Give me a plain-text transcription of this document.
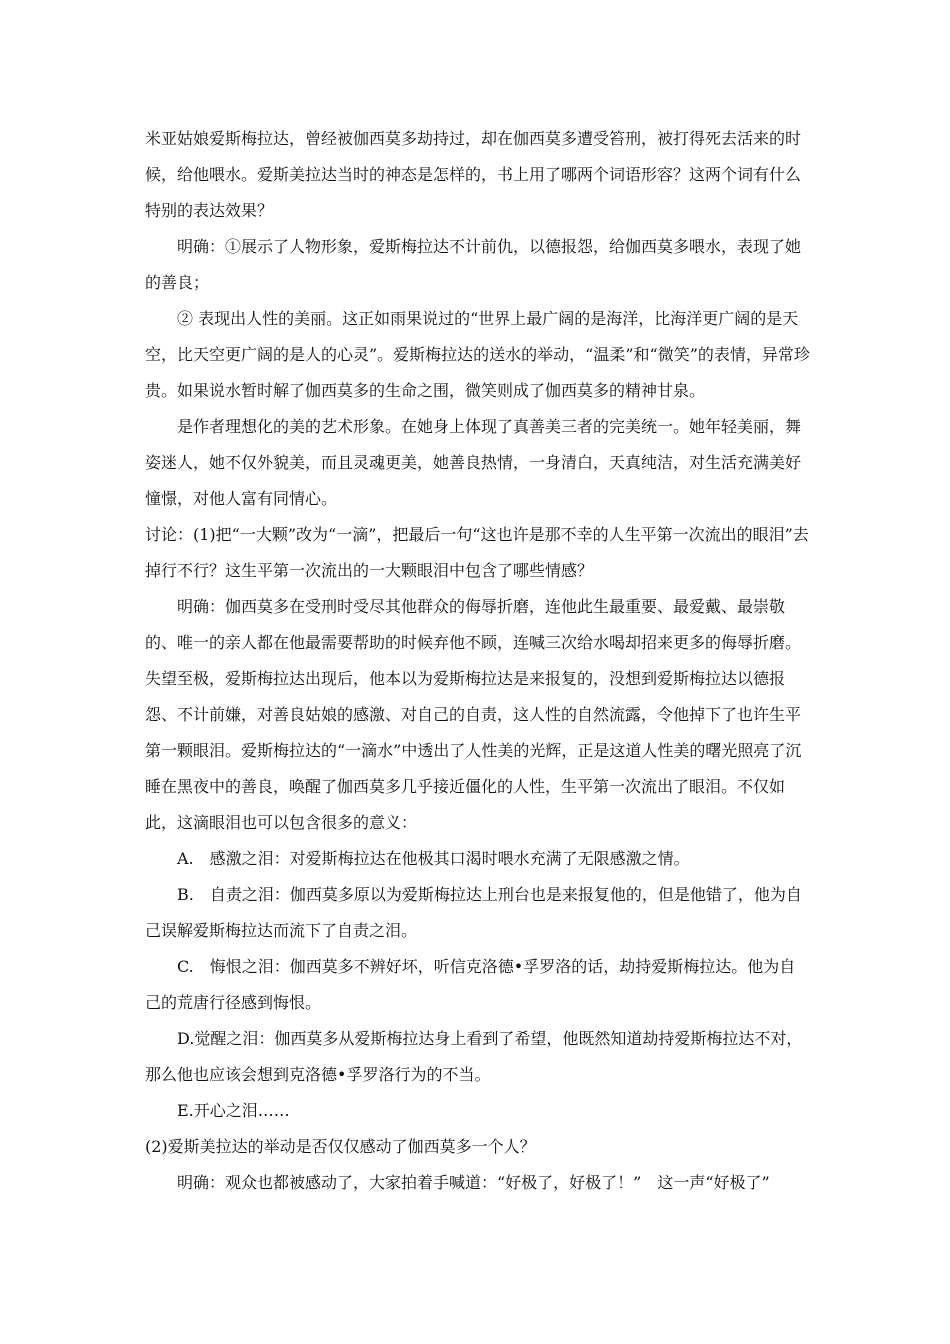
米亚姑娘爱斯梅拉达，曾经被伽西莫多劫持过，却在伽西莫多遭受笞刑，被打得死去活来的时候，给他喂水。爱斯美拉达当时的神态是怎样的，书上用了哪两个词语形容？这两个词有什么特别的表达效果？

明确：①展示了人物形象，爱斯梅拉达不计前仇，以德报怨，给伽西莫多喂水，表现了她的善良；

② 表现出人性的美丽。这正如雨果说过的“世界上最广阔的是海洋，比海洋更广阔的是天空，比天空更广阔的是人的心灵”。爱斯梅拉达的送水的举动，“温柔”和“微笑”的表情，异常珍贵。如果说水暂时解了伽西莫多的生命之围，微笑则成了伽西莫多的精神甘泉。

是作者理想化的美的艺术形象。在她身上体现了真善美三者的完美统一。她年轻美丽，舞姿迷人，她不仅外貌美，而且灵魂更美，她善良热情，一身清白，天真纯洁，对生活充满美好憧憬，对他人富有同情心。

讨论：(1)把“一大颗”改为“一滴”，把最后一句“这也许是那不幸的人生平第一次流出的眼泪”去掉行不行？这生平第一次流出的一大颗眼泪中包含了哪些情感？

明确：伽西莫多在受刑时受尽其他群众的侮辱折磨，连他此生最重要、最爱戴、最崇敬的、唯一的亲人都在他最需要帮助的时候弃他不顾，连喊三次给水喝却招来更多的侮辱折磨。失望至极，爱斯梅拉达出现后，他本以为爱斯梅拉达是来报复的，没想到爱斯梅拉达以德报怨、不计前嫌，对善良姑娘的感激、对自己的自责，这人性的自然流露，令他掉下了也许生平第一颗眼泪。爱斯梅拉达的“一滴水”中透出了人性美的光辉，正是这道人性美的曙光照亮了沉睡在黑夜中的善良，唤醒了伽西莫多几乎接近僵化的人性，生平第一次流出了眼泪。不仅如此，这滴眼泪也可以包含很多的意义：

A.　感激之泪：对爱斯梅拉达在他极其口渴时喂水充满了无限感激之情。

B.　自责之泪：伽西莫多原以为爱斯梅拉达上刑台也是来报复他的，但是他错了，他为自己误解爱斯梅拉达而流下了自责之泪。

C.　悔恨之泪：伽西莫多不辨好坏，听信克洛德•孚罗洛的话，劫持爱斯梅拉达。他为自己的荒唐行径感到悔恨。

D.觉醒之泪：伽西莫多从爱斯梅拉达身上看到了希望，他既然知道劫持爱斯梅拉达不对，那么他也应该会想到克洛德•孚罗洛行为的不当。

E.开心之泪……

(2)爱斯美拉达的举动是否仅仅感动了伽西莫多一个人？

明确：观众也都被感动了，大家拍着手喊道：“好极了，好极了！”　这一声“好极了”
